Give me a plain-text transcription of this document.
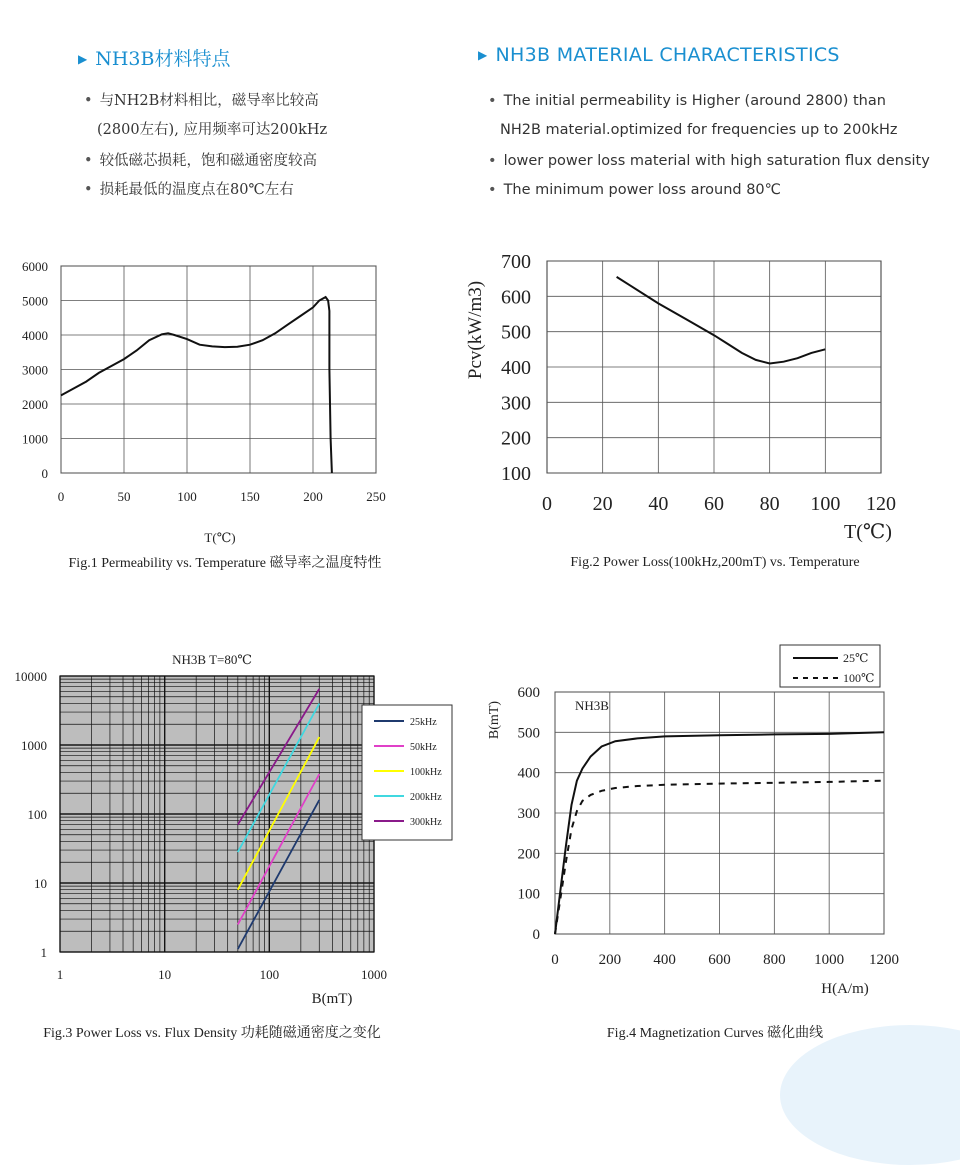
▶ NH3B材料特点	▶ NH3B MATERIAL CHARACTERISTICS
• 与NH2B材料相比，磁导率比较高
(2800左右), 应用频率可达200kHz
• 较低磁芯损耗，饱和磁通密度较高
• 损耗最低的温度点在80℃左右
• The initial permeability is Higher (around 2800) than
NH2B material.optimized for frequencies up to 200kHz
• lower power loss material with high saturation flux density
• The minimum power loss around 80℃
0	50	100	150	200	250
0
1000
2000
3000
4000
5000
6000
T(℃)
Fig.1 Permeability vs. Temperature 磁导率之温度特性
0 20 40 60 80 100 120
100
200
300
400
500
600
700
T(℃)
Pcv(kW/m3)
Fig.2 Power Loss(100kHz,200mT) vs. Temperature
1	10	100	1000
1
10
100
1000
10000
25kHz
50kHz
100kHz
200kHz
300kHz
NH3B T=80℃
B(mT)
Fig.3 Power Loss vs. Flux Density 功耗随磁通密度之变化
0	200 400 600 800 1000 1200
0
100
200
300
400
500
600
25℃
100℃
NH3B
H(A/m)
B(mT)
Fig.4 Magnetization Curves 磁化曲线
